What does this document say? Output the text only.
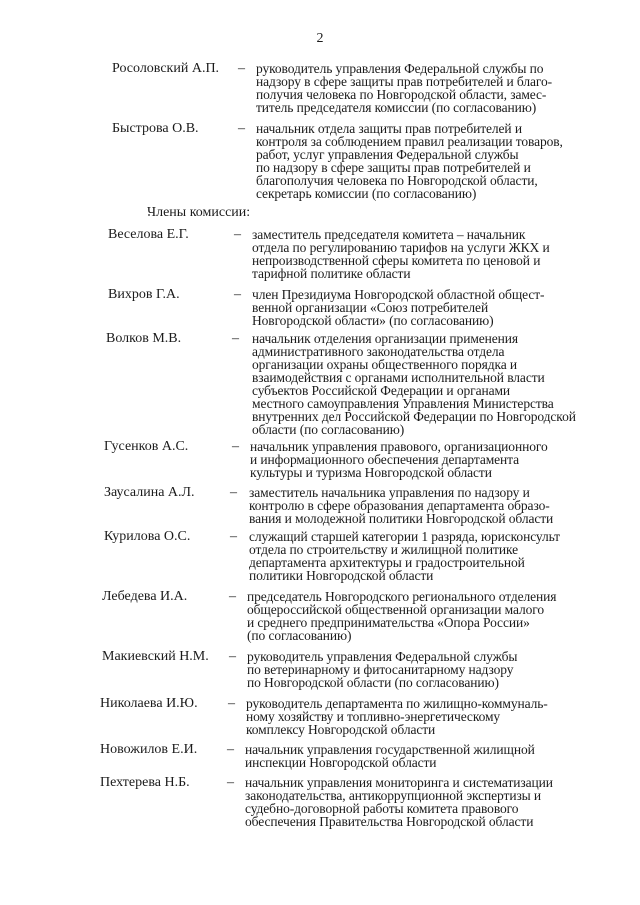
2
Члены комиссии:
Росоловский А.П. – руководитель управления Федеральной службы по
надзору в сфере защиты прав потребителей и благо-
получия человека по Новгородской области, замес-
титель председателя комиссии (по согласованию)
Быстрова О.В.	– начальник отдела защиты прав потребителей и
контроля за соблюдением правил реализации товаров,
работ, услуг управления Федеральной службы
по надзору в сфере защиты прав потребителей и
благополучия человека по Новгородской области,
секретарь комиссии (по согласованию)
Веселова Е.Г.	– заместитель председателя комитета – начальник
отдела по регулированию тарифов на услуги ЖКХ и
непроизводственной сферы комитета по ценовой и
тарифной политике области
Вихров Г.А.	– член Президиума Новгородской областной общест-
венной организации «Союз потребителей
Новгородской области» (по согласованию)
Волков М.В.	– начальник отделения организации применения
административного законодательства отдела
организации охраны общественного порядка и
взаимодействия с органами исполнительной власти
субъектов Российской Федерации и органами
местного самоуправления Управления Министерства
внутренних дел Российской Федерации по Новгородской
области (по согласованию)
Гусенков А.С.	– начальник управления правового, организационного
и информационного обеспечения департамента
культуры и туризма Новгородской области
Заусалина А.Л.	– заместитель начальника управления по надзору и
контролю в сфере образования департамента образо-
вания и молодежной политики Новгородской области
Курилова О.С.	– служащий старшей категории 1 разряда, юрисконсульт
отдела по строительству и жилищной политике
департамента архитектуры и градостроительной
политики Новгородской области
Лебедева И.А.	– председатель Новгородского регионального отделения
общероссийской общественной организации малого
и среднего предпринимательства «Опора России»
(по согласованию)
Макиевский Н.М. – руководитель управления Федеральной службы
по ветеринарному и фитосанитарному надзору
по Новгородской области (по согласованию)
Николаева И.Ю. – руководитель департамента по жилищно-коммуналь-
ному хозяйству и топливно-энергетическому
комплексу Новгородской области
Новожилов Е.И. – начальник управления государственной жилищной
инспекции Новгородской области
Пехтерева Н.Б.	– начальник управления мониторинга и систематизации
законодательства, антикоррупционной экспертизы и
судебно-договорной работы комитета правового
обеспечения Правительства Новгородской области
